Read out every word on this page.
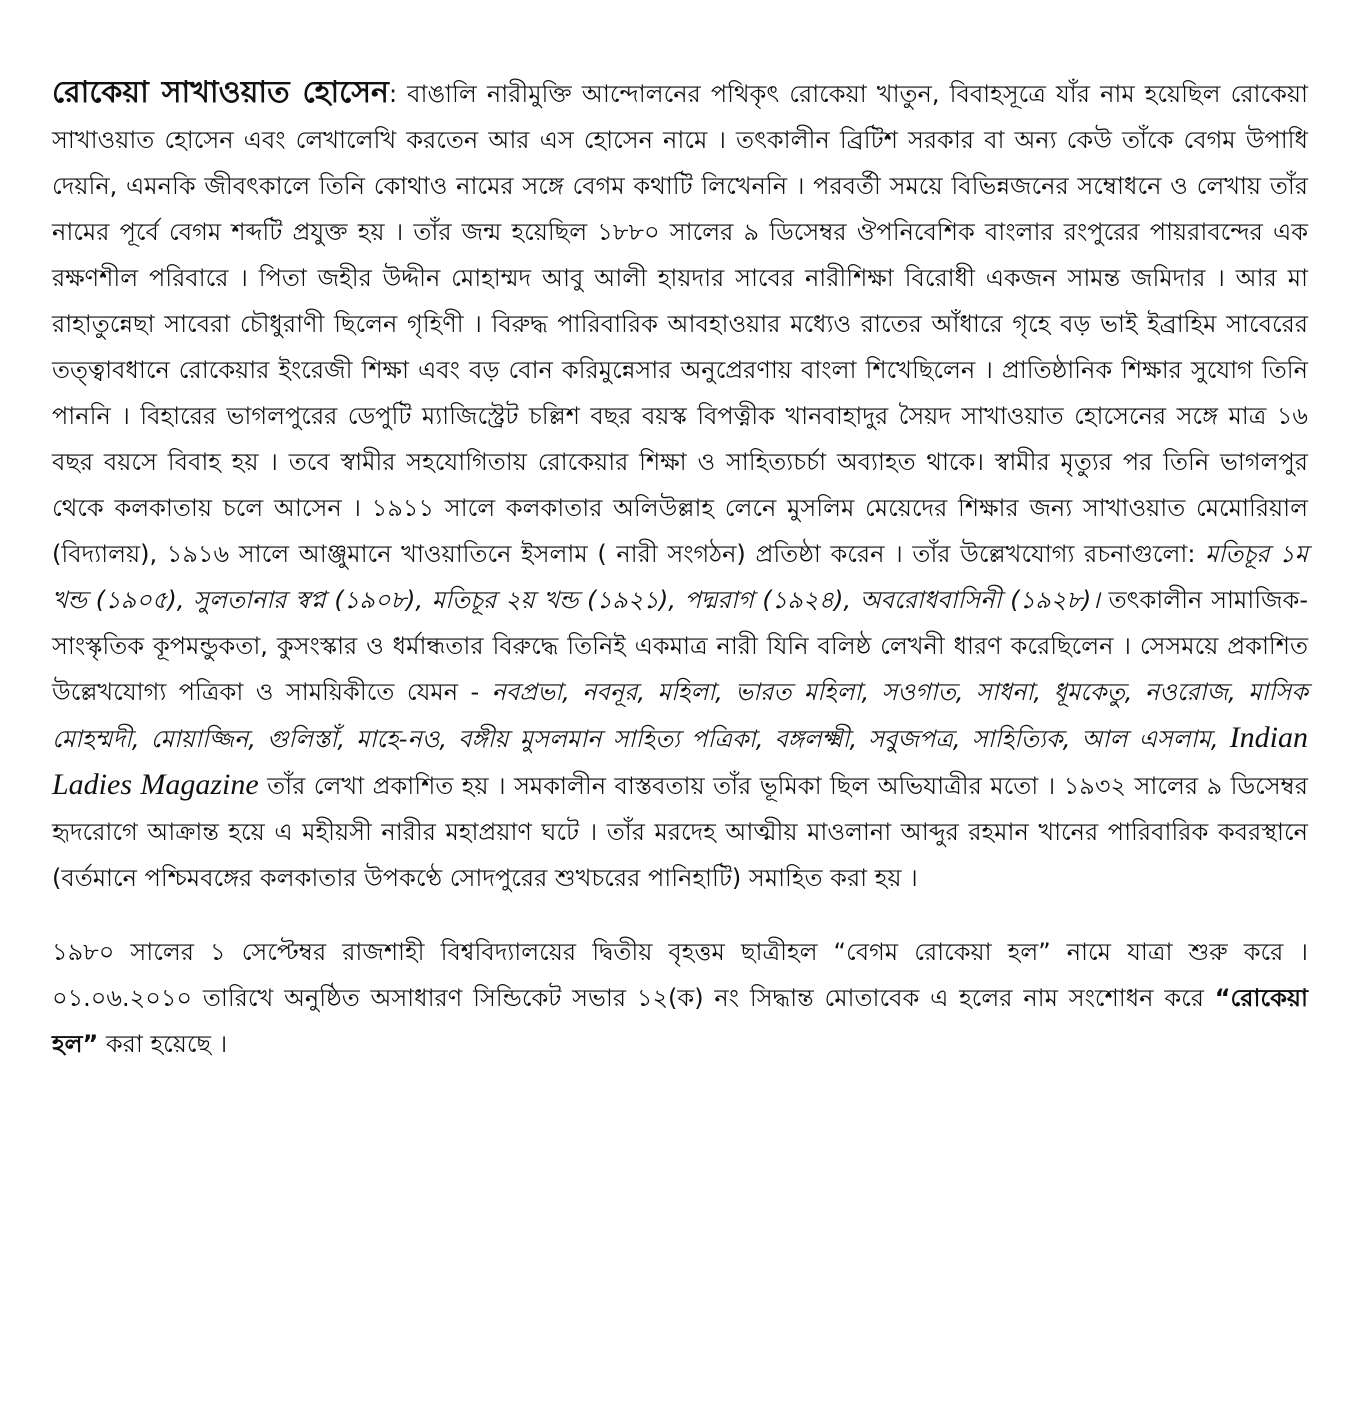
রোকেয়া সাখাওয়াত হোসেন: বাঙালি নারীমুক্তি আন্দোলনের পথিকৃৎ রোকেয়া খাতুন, বিবাহসূত্রে যাঁর নাম হয়েছিল রোকেয়া সাখাওয়াত হোসেন এবং লেখালেখি করতেন আর এস হোসেন নামে । তৎকালীন ব্রিটিশ সরকার বা অন্য কেউ তাঁকে বেগম উপাধি দেয়নি, এমনকি জীবৎকালে তিনি কোথাও নামের সঙ্গে বেগম কথাটি লিখেননি । পরবর্তী সময়ে বিভিন্নজনের সম্বোধনে ও লেখায় তাঁর নামের পূর্বে বেগম শব্দটি প্রযুক্ত হয় । তাঁর জন্ম হয়েছিল ১৮৮০ সালের ৯ ডিসেম্বর ঔপনিবেশিক বাংলার রংপুরের পায়রাবন্দের এক রক্ষণশীল পরিবারে । পিতা জহীর উদ্দীন মোহাম্মদ আবু আলী হায়দার সাবের নারীশিক্ষা বিরোধী একজন সামন্ত জমিদার । আর মা রাহাতুন্নেছা সাবেরা চৌধুরাণী ছিলেন গৃহিণী । বিরুদ্ধ পারিবারিক আবহাওয়ার মধ্যেও রাতের আঁধারে গৃহে বড় ভাই ইব্রাহিম সাবেরের তত্ত্বাবধানে রোকেয়ার ইংরেজী শিক্ষা এবং বড় বোন করিমুন্নেসার অনুপ্রেরণায় বাংলা শিখেছিলেন । প্রাতিষ্ঠানিক শিক্ষার সুযোগ তিনি পাননি । বিহারের ভাগলপুরের ডেপুটি ম্যাজিস্ট্রেট চল্লিশ বছর বয়স্ক বিপত্নীক খানবাহাদুর সৈয়দ সাখাওয়াত হোসেনের সঙ্গে মাত্র ১৬ বছর বয়সে বিবাহ হয় । তবে স্বামীর সহযোগিতায় রোকেয়ার শিক্ষা ও সাহিত্যচর্চা অব্যাহত থাকে। স্বামীর মৃত্যুর পর তিনি ভাগলপুর থেকে কলকাতায় চলে আসেন । ১৯১১ সালে কলকাতার অলিউল্লাহ লেনে মুসলিম মেয়েদের শিক্ষার জন্য সাখাওয়াত মেমোরিয়াল (বিদ্যালয়), ১৯১৬ সালে আঞ্জুমানে খাওয়াতিনে ইসলাম ( নারী সংগঠন) প্রতিষ্ঠা করেন । তাঁর উল্লেখযোগ্য রচনাগুলো: মতিচূর ১ম খন্ড (১৯০৫), সুলতানার স্বপ্ন (১৯০৮), মতিচূর ২য় খন্ড (১৯২১), পদ্মরাগ (১৯২৪), অবরোধবাসিনী (১৯২৮)। তৎকালীন সামাজিক-সাংস্কৃতিক কূপমন্ডুকতা, কুসংস্কার ও ধর্মান্ধতার বিরুদ্ধে তিনিই একমাত্র নারী যিনি বলিষ্ঠ লেখনী ধারণ করেছিলেন । সেসময়ে প্রকাশিত উল্লেখযোগ্য পত্রিকা ও সাময়িকীতে যেমন - নবপ্রভা, নবনূর, মহিলা, ভারত মহিলা, সওগাত, সাধনা, ধূমকেতু, নওরোজ, মাসিক মোহম্মদী, মোয়াজ্জিন, গুলিস্তাঁ, মাহে-নও, বঙ্গীয় মুসলমান সাহিত্য পত্রিকা, বঙ্গলক্ষ্মী, সবুজপত্র, সাহিত্যিক, আল এসলাম, Indian Ladies Magazine তাঁর লেখা প্রকাশিত হয় । সমকালীন বাস্তবতায় তাঁর ভূমিকা ছিল অভিযাত্রীর মতো । ১৯৩২ সালের ৯ ডিসেম্বর হৃদরোগে আক্রান্ত হয়ে এ মহীয়সী নারীর মহাপ্রয়াণ ঘটে । তাঁর মরদেহ আত্মীয় মাওলানা আব্দুর রহমান খানের পারিবারিক কবরস্থানে (বর্তমানে পশ্চিমবঙ্গের কলকাতার উপকণ্ঠে সোদপুরের শুখচরের পানিহাটি) সমাহিত করা হয় ।

১৯৮০ সালের ১ সেপ্টেম্বর রাজশাহী বিশ্ববিদ্যালয়ের দ্বিতীয় বৃহত্তম ছাত্রীহল “বেগম রোকেয়া হল” নামে যাত্রা শুরু করে । ০১.০৬.২০১০ তারিখে অনুষ্ঠিত অসাধারণ সিন্ডিকেট সভার ১২(ক) নং সিদ্ধান্ত মোতাবেক এ হলের নাম সংশোধন করে “রোকেয়া হল” করা হয়েছে ।
